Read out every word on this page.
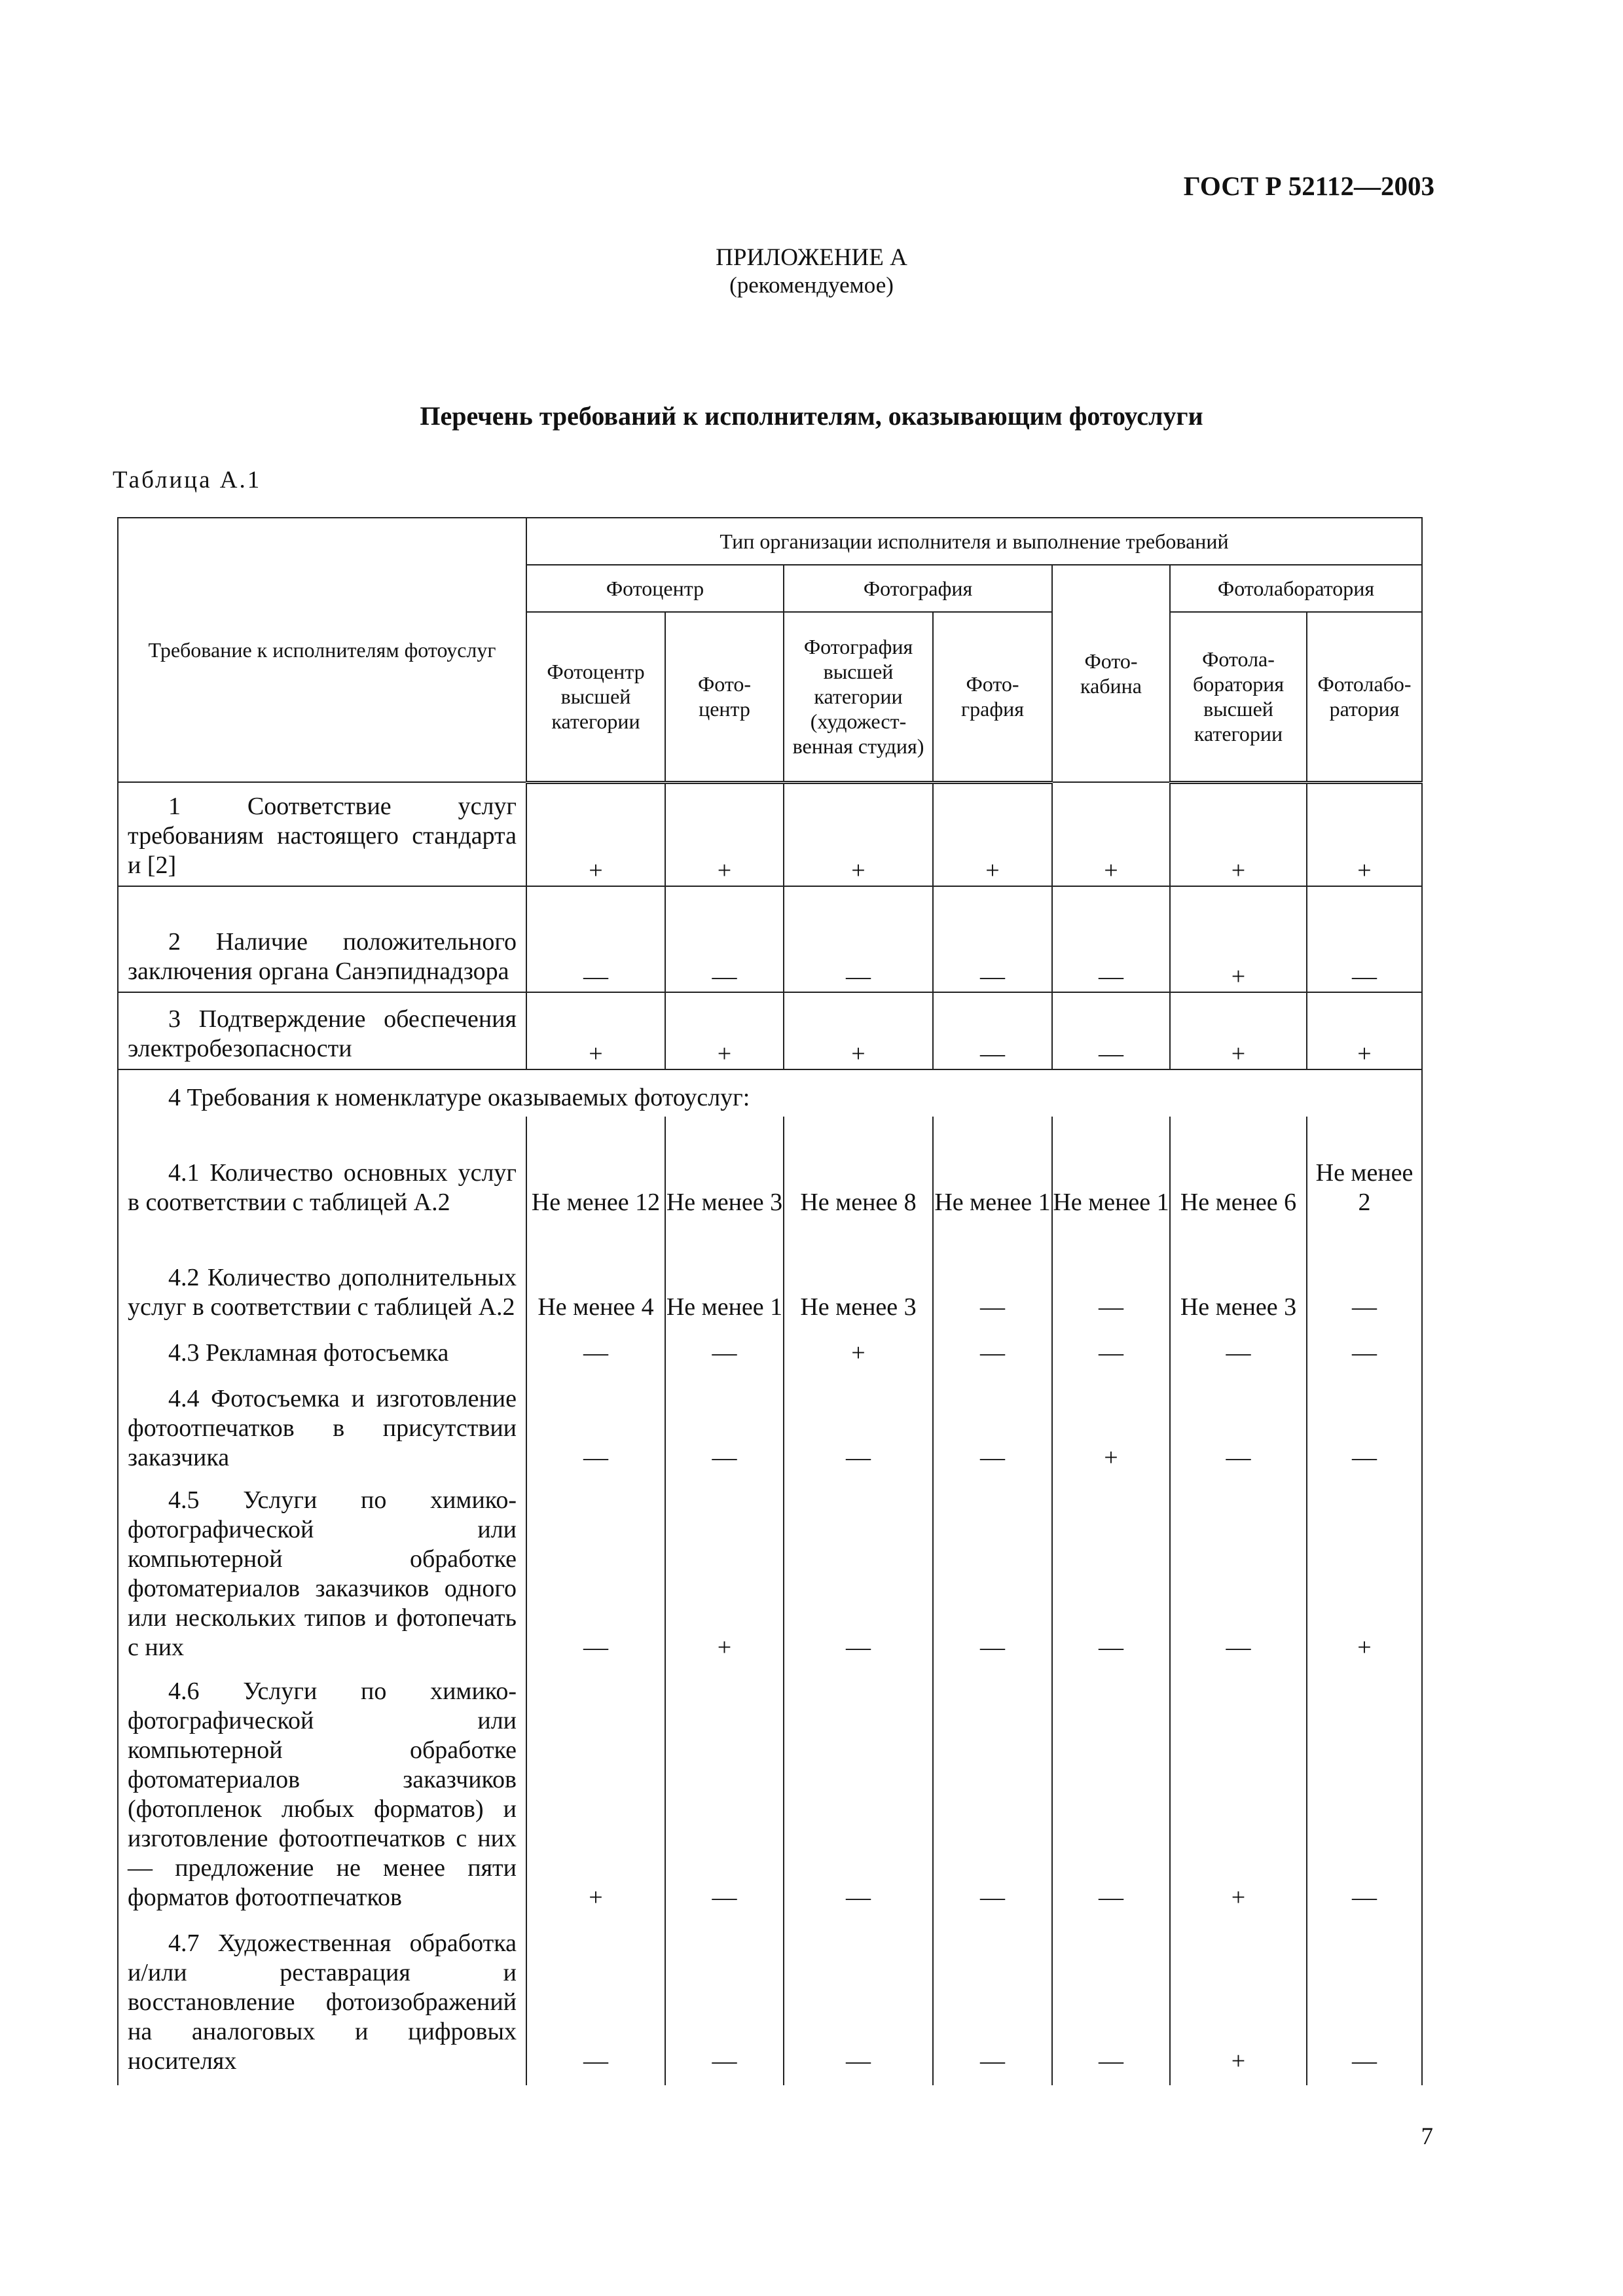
ГОСТ Р 52112—2003
ПРИЛОЖЕНИЕ А
(рекомендуемое)
Перечень требований к исполнителям, оказывающим фотоуслуги
Таблица А.1
Требование к исполнителям фотоуслуг	Тип организации исполнителя и выполнение требований						
	Фотоцентр		Фотография		Фото-кабина	Фотолаборатория	
	Фотоцентр высшей категории	Фото-центр	Фотография высшей категории (художест-венная студия)	Фото-графия		Фотола-боратория высшей категории	Фотолабо-ратория
1 Соответствие услуг требованиям настоящего стандарта и [2]	+	+	+	+	+	+	+
2 Наличие положительного заключения органа Санэпиднадзора	—	—	—	—	—	+	—
3 Подтверждение обеспечения электробезопасности	+	+	+	—	—	+	+
4 Требования к номенклатуре оказываемых фотоуслуг:							
4.1 Количество основных услуг в соответствии с таблицей А.2	Не менее 12	Не менее 3	Не менее 8	Не менее 1	Не менее 1	Не менее 6	Не менее 2
4.2 Количество дополнительных услуг в соответствии с таблицей А.2	Не менее 4	Не менее 1	Не менее 3	—	—	Не менее 3	—
4.3 Рекламная фотосъемка	—	—	+	—	—	—	—
4.4 Фотосъемка и изготовление фотоотпечатков в присутствии заказчика	—	—	—	—	+	—	—
4.5 Услуги по химико-фотографической или компьютерной обработке фотоматериалов заказчиков одного или нескольких типов и фотопечать с них	—	+	—	—	—	—	+
4.6 Услуги по химико-фотографической или компьютерной обработке фотоматериалов заказчиков (фотопленок любых форматов) и изготовление фотоотпечатков с них — предложение не менее пяти форматов фотоотпечатков	+	—	—	—	—	+	—
4.7 Художественная обработка и/или реставрация и восстановление фотоизображений на аналоговых и цифровых носителях	—	—	—	—	—	+	—
7
